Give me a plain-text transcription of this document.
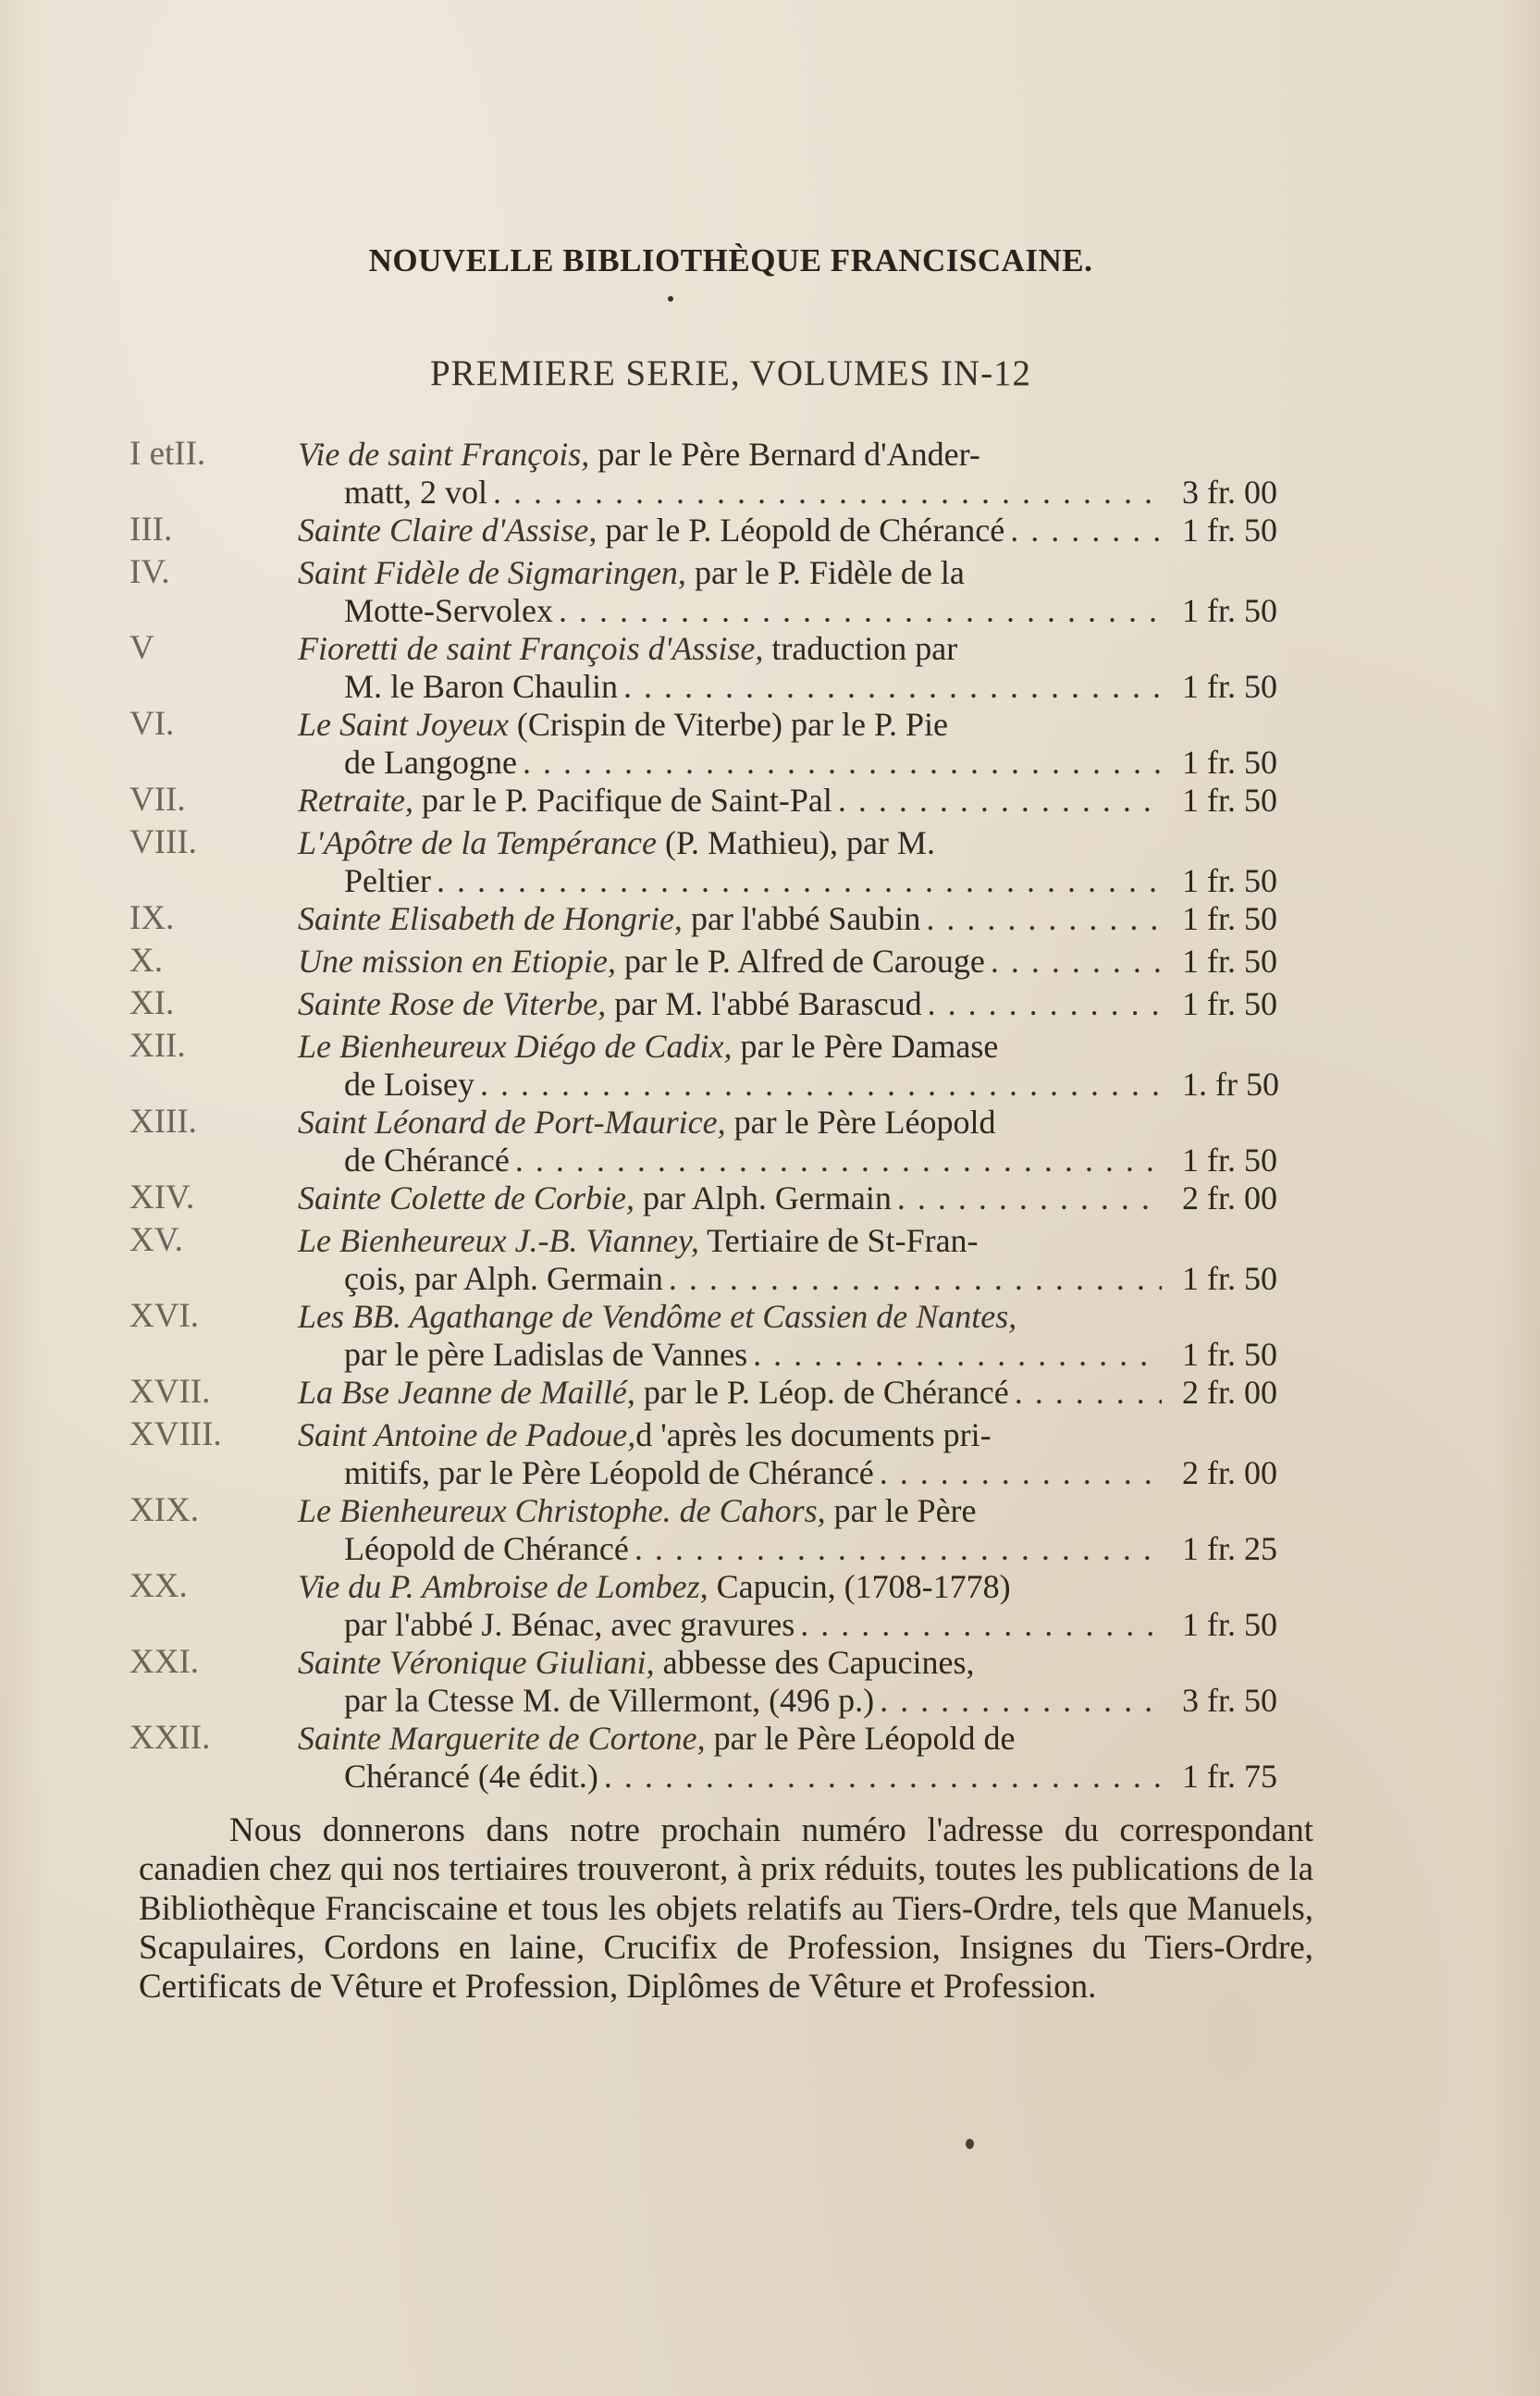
NOUVELLE BIBLIOTHÈQUE FRANCISCAINE.
PREMIERE SERIE, VOLUMES IN-12
I etII.	Vie de saint François, par le Père Bernard d'Ander-
matt, 2 vol . . .	3 fr. 00
III.	Sainte Claire d'Assise, par le P. Léopold de Chérancé . . .	1 fr. 50
IV.	Saint Fidèle de Sigmaringen, par le P. Fidèle de la
Motte-Servolex . . .	1 fr. 50
V	Fioretti de saint François d'Assise, traduction par
M. le Baron Chaulin . . .	1 fr. 50
VI.	Le Saint Joyeux (Crispin de Viterbe) par le P. Pie
de Langogne . . .	1 fr. 50
VII.	Retraite, par le P. Pacifique de Saint-Pal . . .	1 fr. 50
VIII.	L'Apôtre de la Tempérance (P. Mathieu), par M.
Peltier . . .	1 fr. 50
IX.	Sainte Elisabeth de Hongrie, par l'abbé Saubin . . .	1 fr. 50
X.	Une mission en Etiopie, par le P. Alfred de Carouge . . .	1 fr. 50
XI.	Sainte Rose de Viterbe, par M. l'abbé Barascud . . .	1 fr. 50
XII.	Le Bienheureux Diégo de Cadix, par le Père Damase
de Loisey . . .	1. fr 50
XIII.	Saint Léonard de Port-Maurice, par le Père Léopold
de Chérancé . . .	1 fr. 50
XIV.	Sainte Colette de Corbie, par Alph. Germain . . .	2 fr. 00
XV.	Le Bienheureux J.-B. Vianney, Tertiaire de St-Fran-
çois, par Alph. Germain . . .	1 fr. 50
XVI.	Les BB. Agathange de Vendôme et Cassien de Nantes,
par le père Ladislas de Vannes . . .	1 fr. 50
XVII.	La Bse Jeanne de Maillé, par le P. Léop. de Chérancé . . .	2 fr. 00
XVIII.	Saint Antoine de Padoue,d 'après les documents pri-
mitifs, par le Père Léopold de Chérancé . . .	2 fr. 00
XIX.	Le Bienheureux Christophe. de Cahors, par le Père
Léopold de Chérancé . . .	1 fr. 25
XX.	Vie du P. Ambroise de Lombez, Capucin, (1708-1778)
par l'abbé J. Bénac, avec gravures . . .	1 fr. 50
XXI.	Sainte Véronique Giuliani, abbesse des Capucines,
par la Ctesse M. de Villermont, (496 p.) . . .	3 fr. 50
XXII.	Sainte Marguerite de Cortone, par le Père Léopold de
Chérancé (4e édit.) . . .	1 fr. 75
Nous donnerons dans notre prochain numéro l'adresse du correspondant canadien chez qui nos tertiaires trouveront, à prix réduits, toutes les publications de la Bibliothèque Franciscaine et tous les objets relatifs au Tiers-Ordre, tels que Manuels, Scapulaires, Cordons en laine, Crucifix de Profession, Insignes du Tiers-Ordre, Certificats de Vêture et Profession, Diplômes de Vêture et Profession.
